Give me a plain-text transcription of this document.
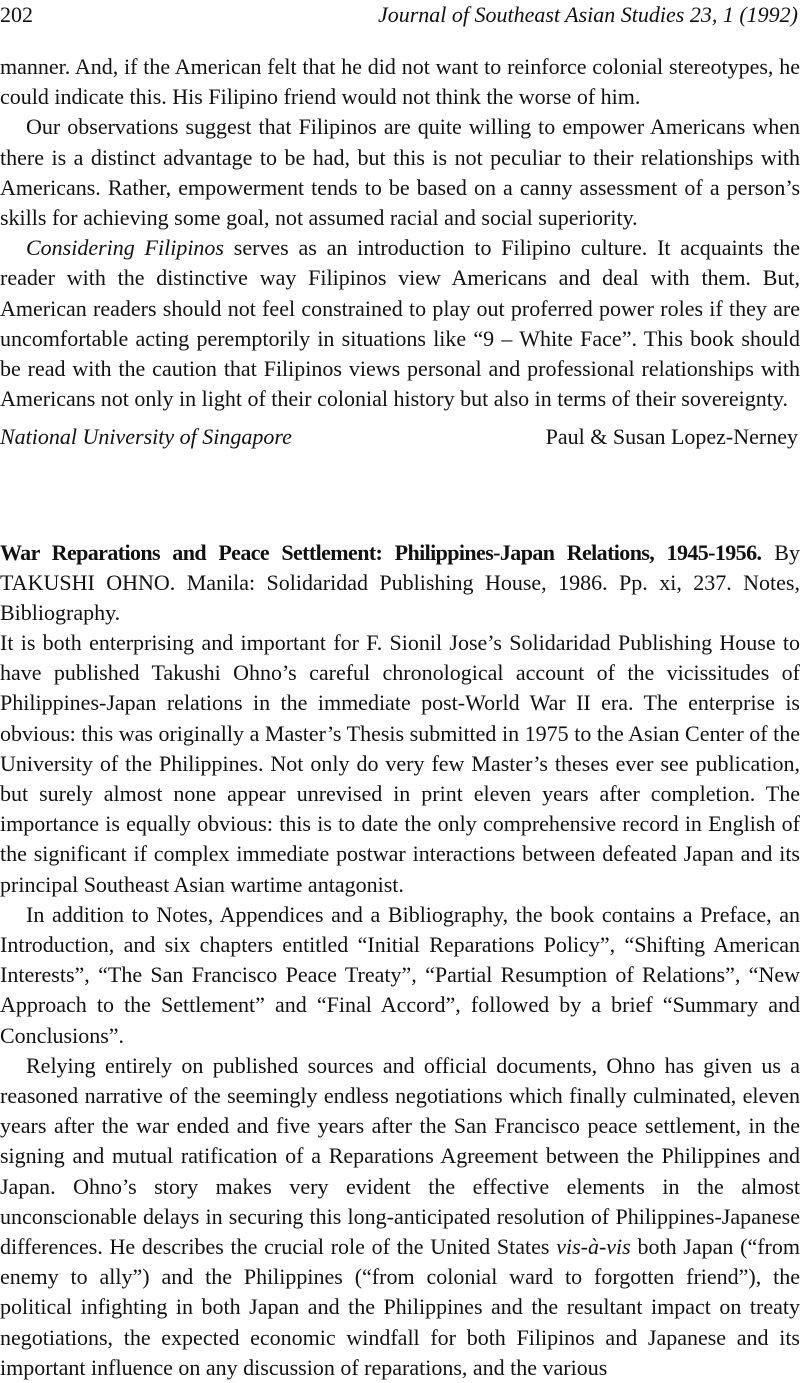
202	Journal of Southeast Asian Studies 23, 1 (1992)

manner. And, if the American felt that he did not want to reinforce colonial stereotypes, he could indicate this. His Filipino friend would not think the worse of him.

Our observations suggest that Filipinos are quite willing to empower Americans when there is a distinct advantage to be had, but this is not peculiar to their relationships with Americans. Rather, empowerment tends to be based on a canny assessment of a person’s skills for achieving some goal, not assumed racial and social superiority.

Considering Filipinos serves as an introduction to Filipino culture. It acquaints the reader with the distinctive way Filipinos view Americans and deal with them. But, American readers should not feel constrained to play out proferred power roles if they are uncomfortable acting peremptorily in situations like “9 – White Face”. This book should be read with the caution that Filipinos views personal and professional relationships with Americans not only in light of their colonial history but also in terms of their sovereignty.

National University of Singapore	Paul & Susan Lopez-Nerney
War Reparations and Peace Settlement: Philippines-Japan Relations, 1945-1956. By TAKUSHI OHNO. Manila: Solidaridad Publishing House, 1986. Pp. xi, 237. Notes, Bibliography.

It is both enterprising and important for F. Sionil Jose’s Solidaridad Publishing House to have published Takushi Ohno’s careful chronological account of the vicissitudes of Philippines-Japan relations in the immediate post-World War II era. The enterprise is obvious: this was originally a Master’s Thesis submitted in 1975 to the Asian Center of the University of the Philippines. Not only do very few Master’s theses ever see publication, but surely almost none appear unrevised in print eleven years after completion. The importance is equally obvious: this is to date the only comprehensive record in English of the significant if complex immediate postwar interactions between defeated Japan and its principal Southeast Asian wartime antagonist.

In addition to Notes, Appendices and a Bibliography, the book contains a Preface, an Introduction, and six chapters entitled “Initial Reparations Policy”, “Shifting American Interests”, “The San Francisco Peace Treaty”, “Partial Resumption of Relations”, “New Approach to the Settlement” and “Final Accord”, followed by a brief “Summary and Conclusions”.

Relying entirely on published sources and official documents, Ohno has given us a reasoned narrative of the seemingly endless negotiations which finally culminated, eleven years after the war ended and five years after the San Francisco peace settlement, in the signing and mutual ratification of a Reparations Agreement between the Philippines and Japan. Ohno’s story makes very evident the effective elements in the almost unconscionable delays in securing this long-anticipated resolution of Philippines-Japanese differences. He describes the crucial role of the United States vis-à-vis both Japan (“from enemy to ally”) and the Philippines (“from colonial ward to forgotten friend”), the political infighting in both Japan and the Philippines and the resultant impact on treaty negotiations, the expected economic windfall for both Filipinos and Japanese and its important influence on any discussion of reparations, and the various
